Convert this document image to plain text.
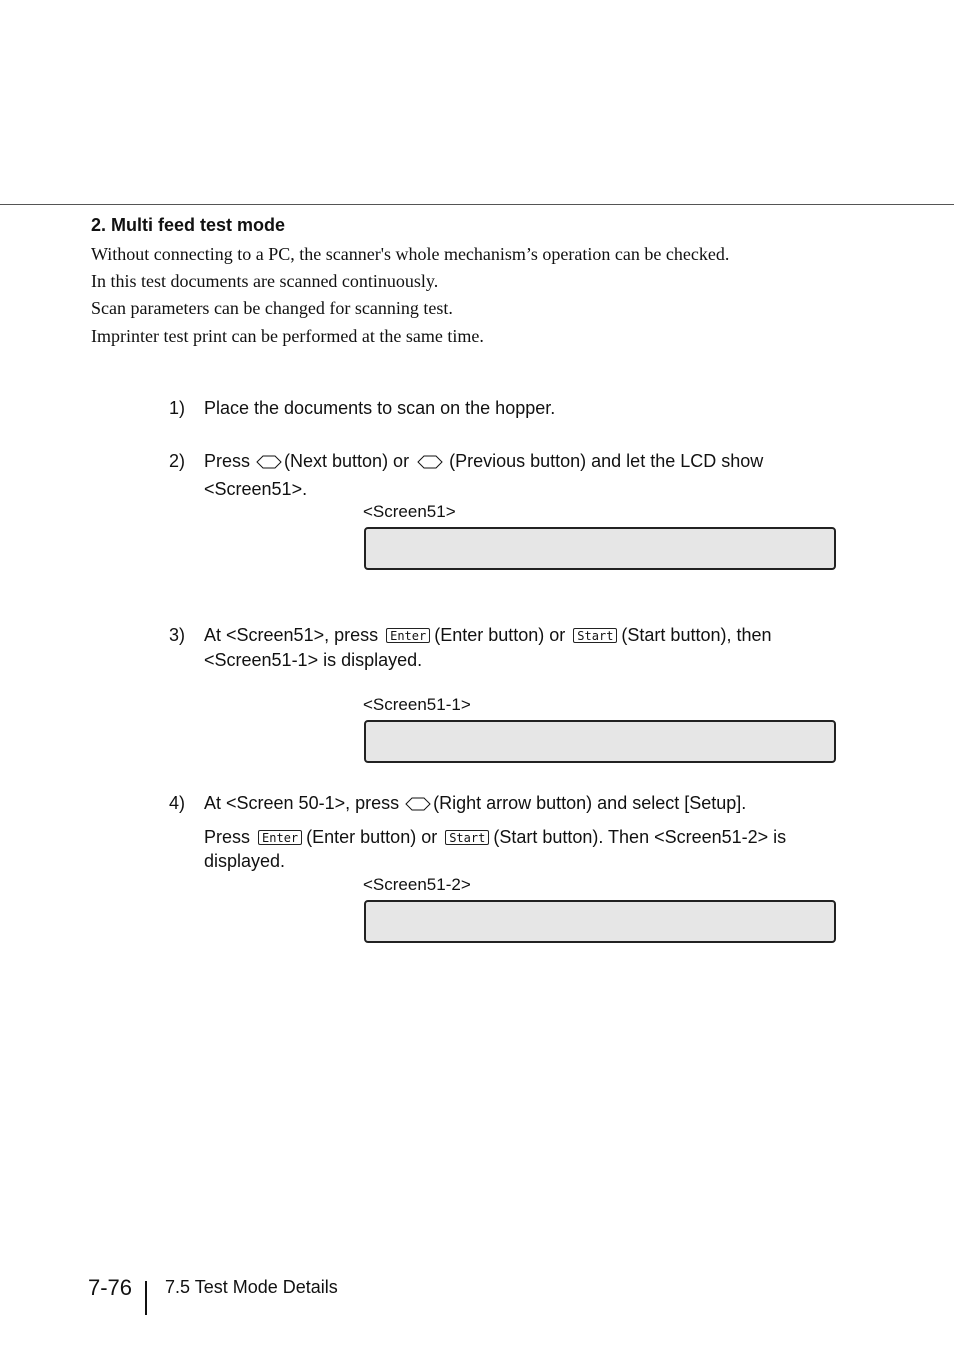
2. Multi feed test mode
Without connecting to a PC, the scanner's whole mechanism’s operation can be checked.
In this test documents are scanned continuously.
Scan parameters can be changed for scanning test.
Imprinter test print can be performed at the same time.
1) Place the documents to scan on the hopper.
2) Press (Next button) or (Previous button) and let the LCD show
<Screen51>.
<Screen51>
3) At <Screen51>, press	Enter (Enter button) or	Start (Start button), then
<Screen51-1> is displayed.
<Screen51-1>
4) At <Screen 50-1>, press (Right arrow button) and select [Setup].
Press	Enter (Enter button) or	Start (Start button). Then <Screen51-2> is
displayed.
<Screen51-2>
7-76 7.5 Test Mode Details
